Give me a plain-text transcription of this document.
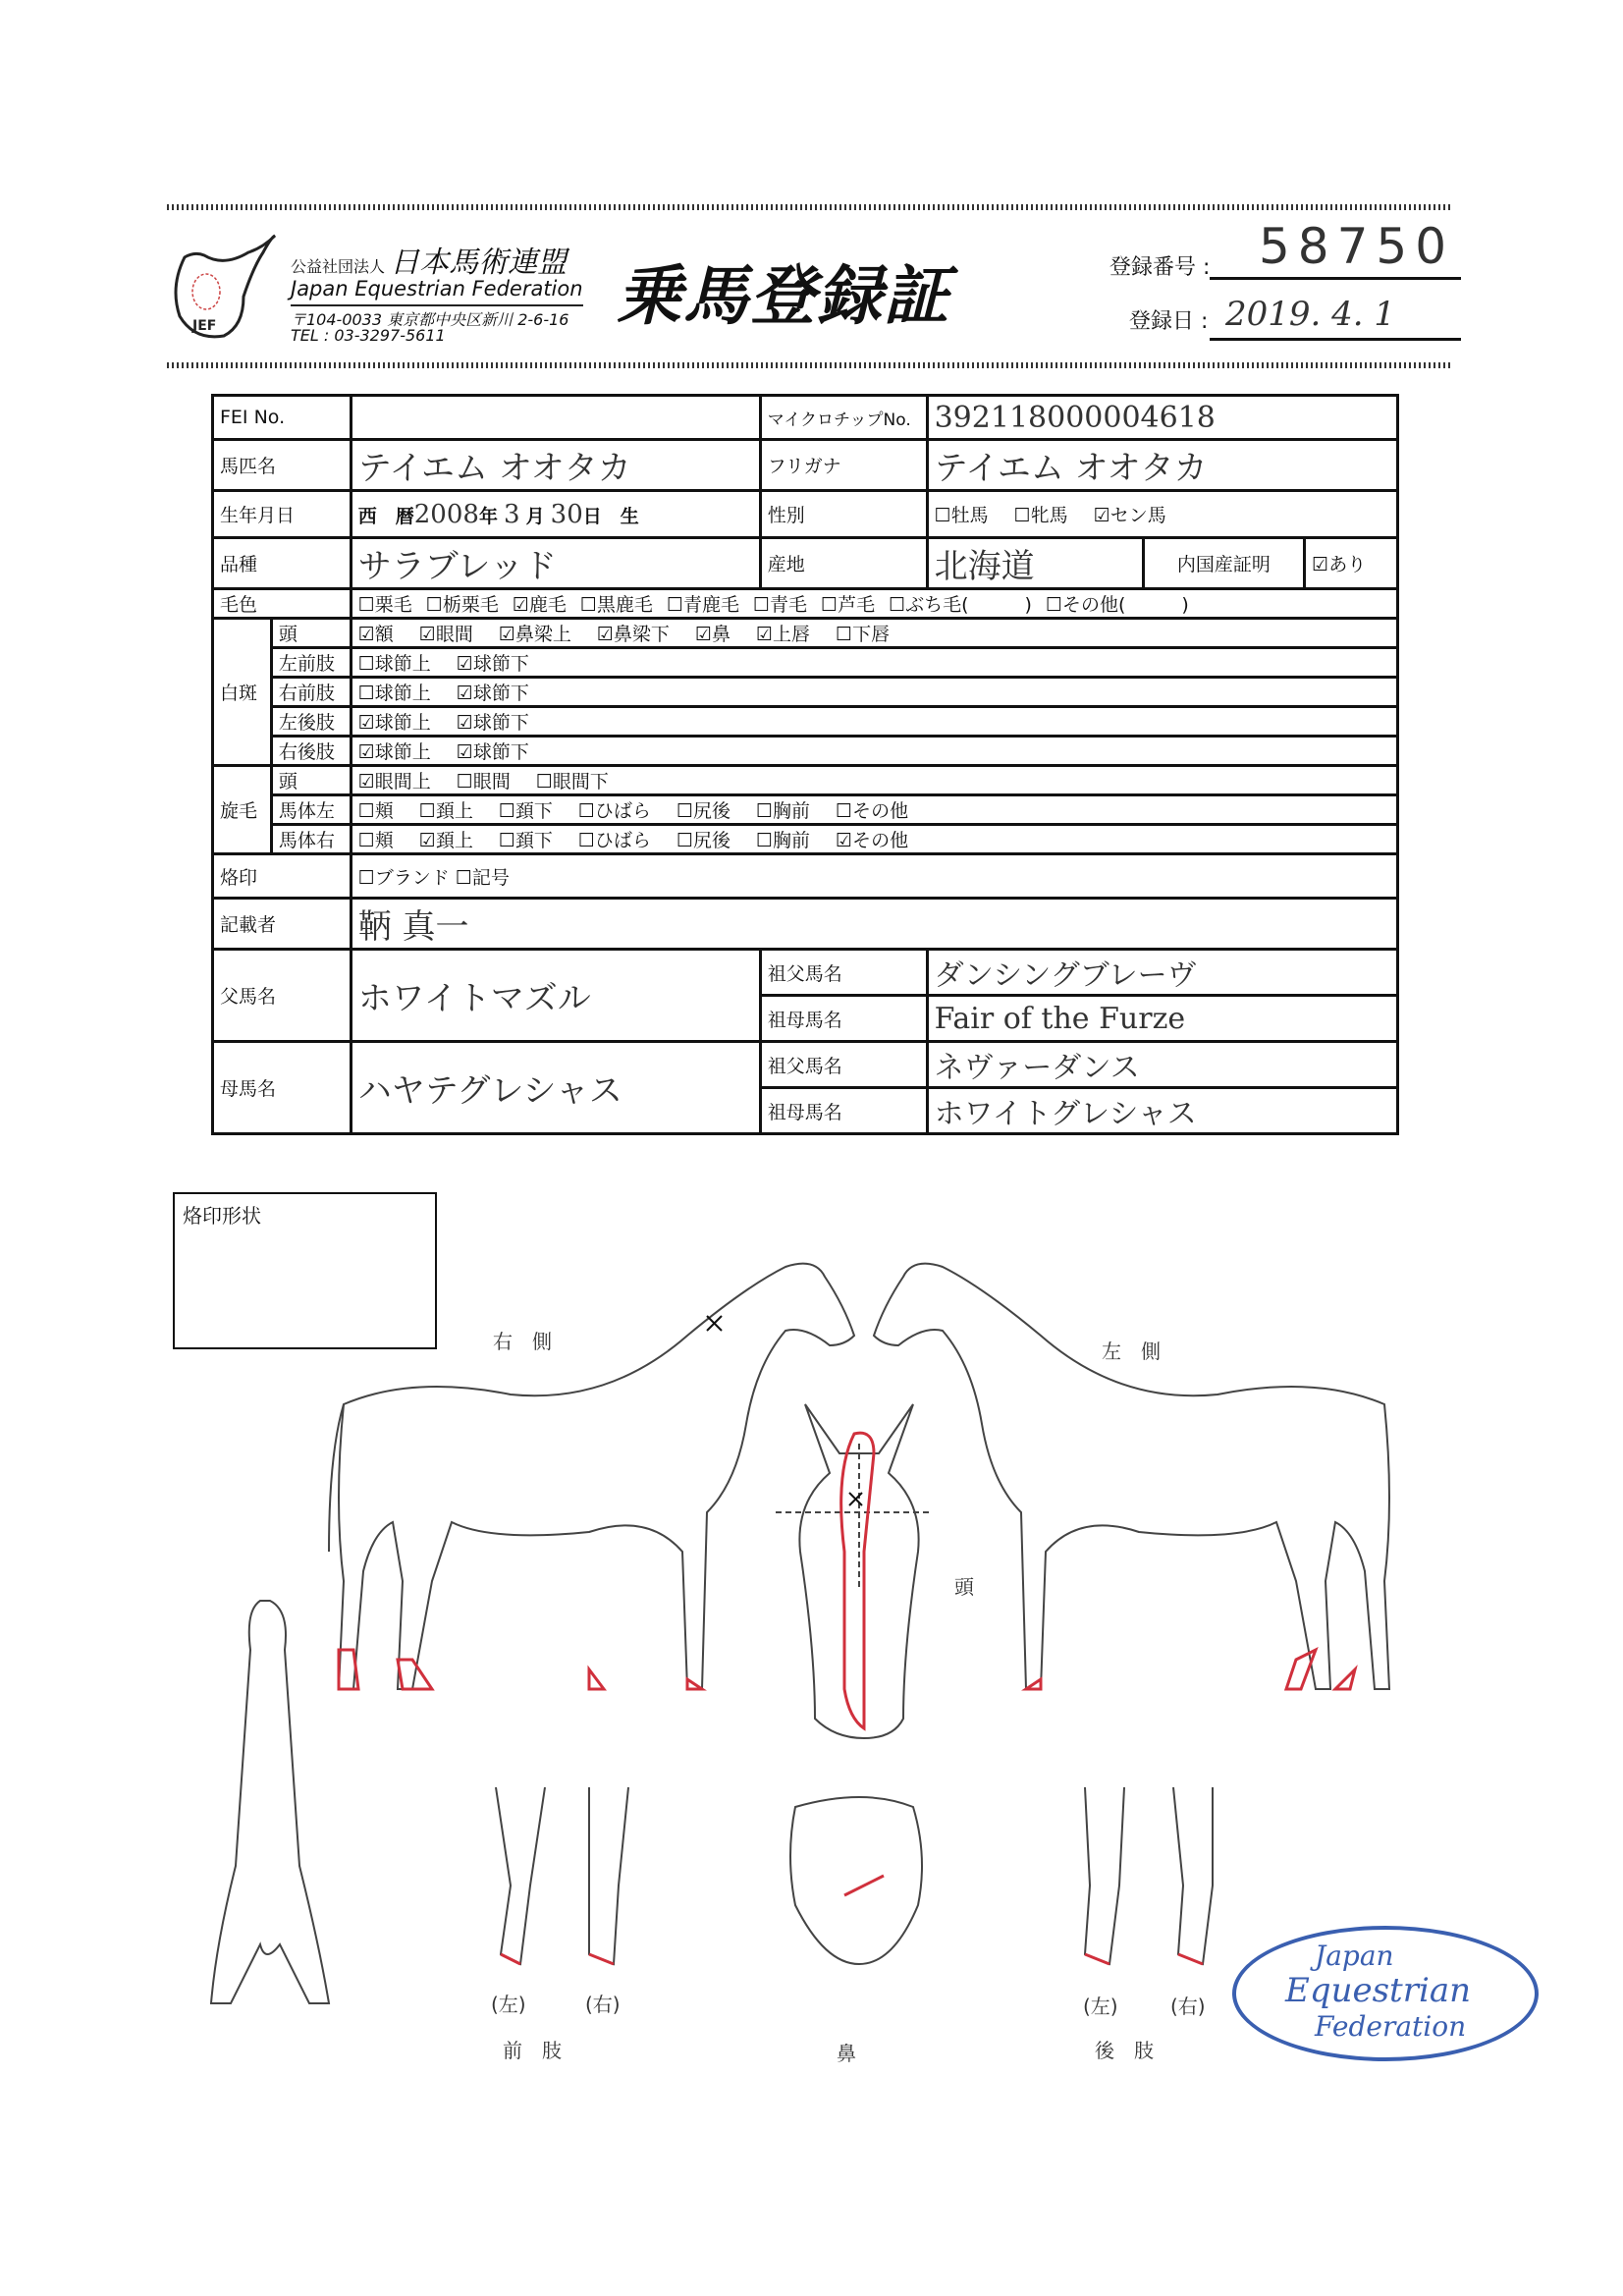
JEF
公益社団法人 日本馬術連盟
Japan Equestrian Federation
〒104-0033 東京都中央区新川 2-6-16
TEL : 03-3297-5611
乗馬登録証	登録番号 : 58750
登録日 : 2019. 4. 1
FEI No.			マイクロチップNo.	392118000004618		
馬匹名		テイエム オオタカ	フリガナ	テイエム オオタカ		
生年月日		西　暦2008年 3 月 30日　生	性別	☐牡馬 ☐牝馬 ☑セン馬		
品種		サラブレッド	産地	北海道	内国産証明	☑あり
毛色		☐栗毛 ☐栃栗毛 ☑鹿毛 ☐黒鹿毛 ☐青鹿毛 ☐青毛 ☐芦毛 ☐ぶち毛(　　　) ☐その他(　　　)				
白斑	頭	☑額 ☑眼間 ☑鼻梁上 ☑鼻梁下 ☑鼻 ☑上唇 ☐下唇				
	左前肢	☐球節上 ☑球節下				
	右前肢	☐球節上 ☑球節下				
	左後肢	☑球節上 ☑球節下				
	右後肢	☑球節上 ☑球節下				
旋毛	頭	☑眼間上 ☐眼間 ☐眼間下				
	馬体左	☐頬 ☐頚上 ☐頚下 ☐ひばら ☐尻後 ☐胸前 ☐その他				
	馬体右	☐頬 ☑頚上 ☐頚下 ☐ひばら ☐尻後 ☐胸前 ☑その他				
烙印		☐ブランド ☐記号				
記載者		鞆 真一				
父馬名		ホワイトマズル	祖父馬名	ダンシングブレーヴ		
			祖母馬名	Fair of the Furze		
母馬名		ハヤテグレシャス	祖父馬名	ネヴァーダンス		
			祖母馬名	ホワイトグレシャス		
烙印形状
右　側	左　側
頭
(左)	(右)
前　肢	鼻
(左)	(右)
後　肢
Japan
Equestrian
Federation
